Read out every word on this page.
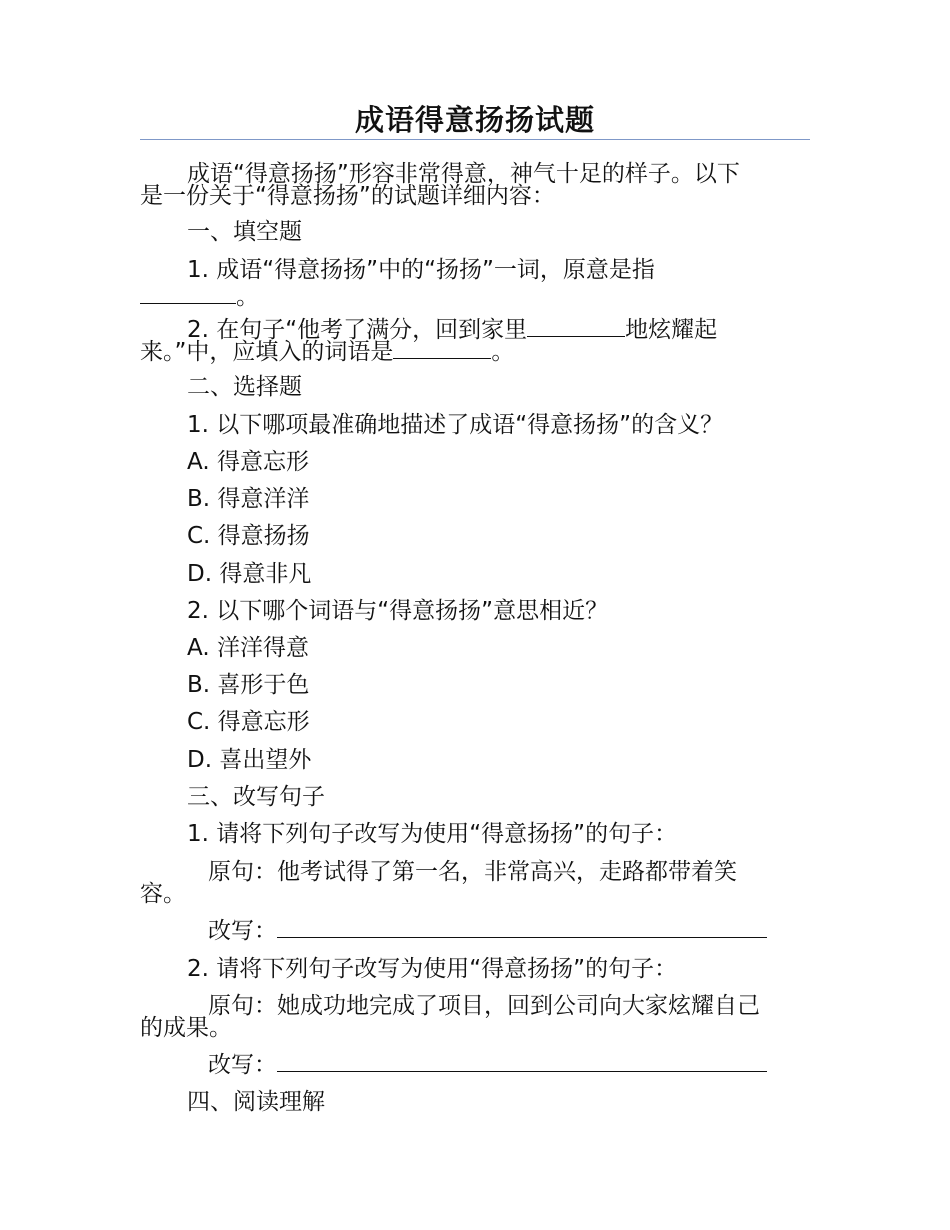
成语得意扬扬试题
成语“得意扬扬”形容非常得意，神气十足的样子。以下
是一份关于“得意扬扬”的试题详细内容：
一、填空题
1. 成语“得意扬扬”中的“扬扬”一词，原意是指
。
2. 在句子“他考了满分，回到家里	地炫耀起
来。”中，应填入的词语是	。
二、选择题
1. 以下哪项最准确地描述了成语“得意扬扬”的含义？
A. 得意忘形
B. 得意洋洋
C. 得意扬扬
D. 得意非凡
2. 以下哪个词语与“得意扬扬”意思相近？
A. 洋洋得意
B. 喜形于色
C. 得意忘形
D. 喜出望外
三、改写句子
1. 请将下列句子改写为使用“得意扬扬”的句子：
原句：他考试得了第一名，非常高兴，走路都带着笑
容。
改写：
2. 请将下列句子改写为使用“得意扬扬”的句子：
原句：她成功地完成了项目，回到公司向大家炫耀自己
的成果。
改写：
四、阅读理解
